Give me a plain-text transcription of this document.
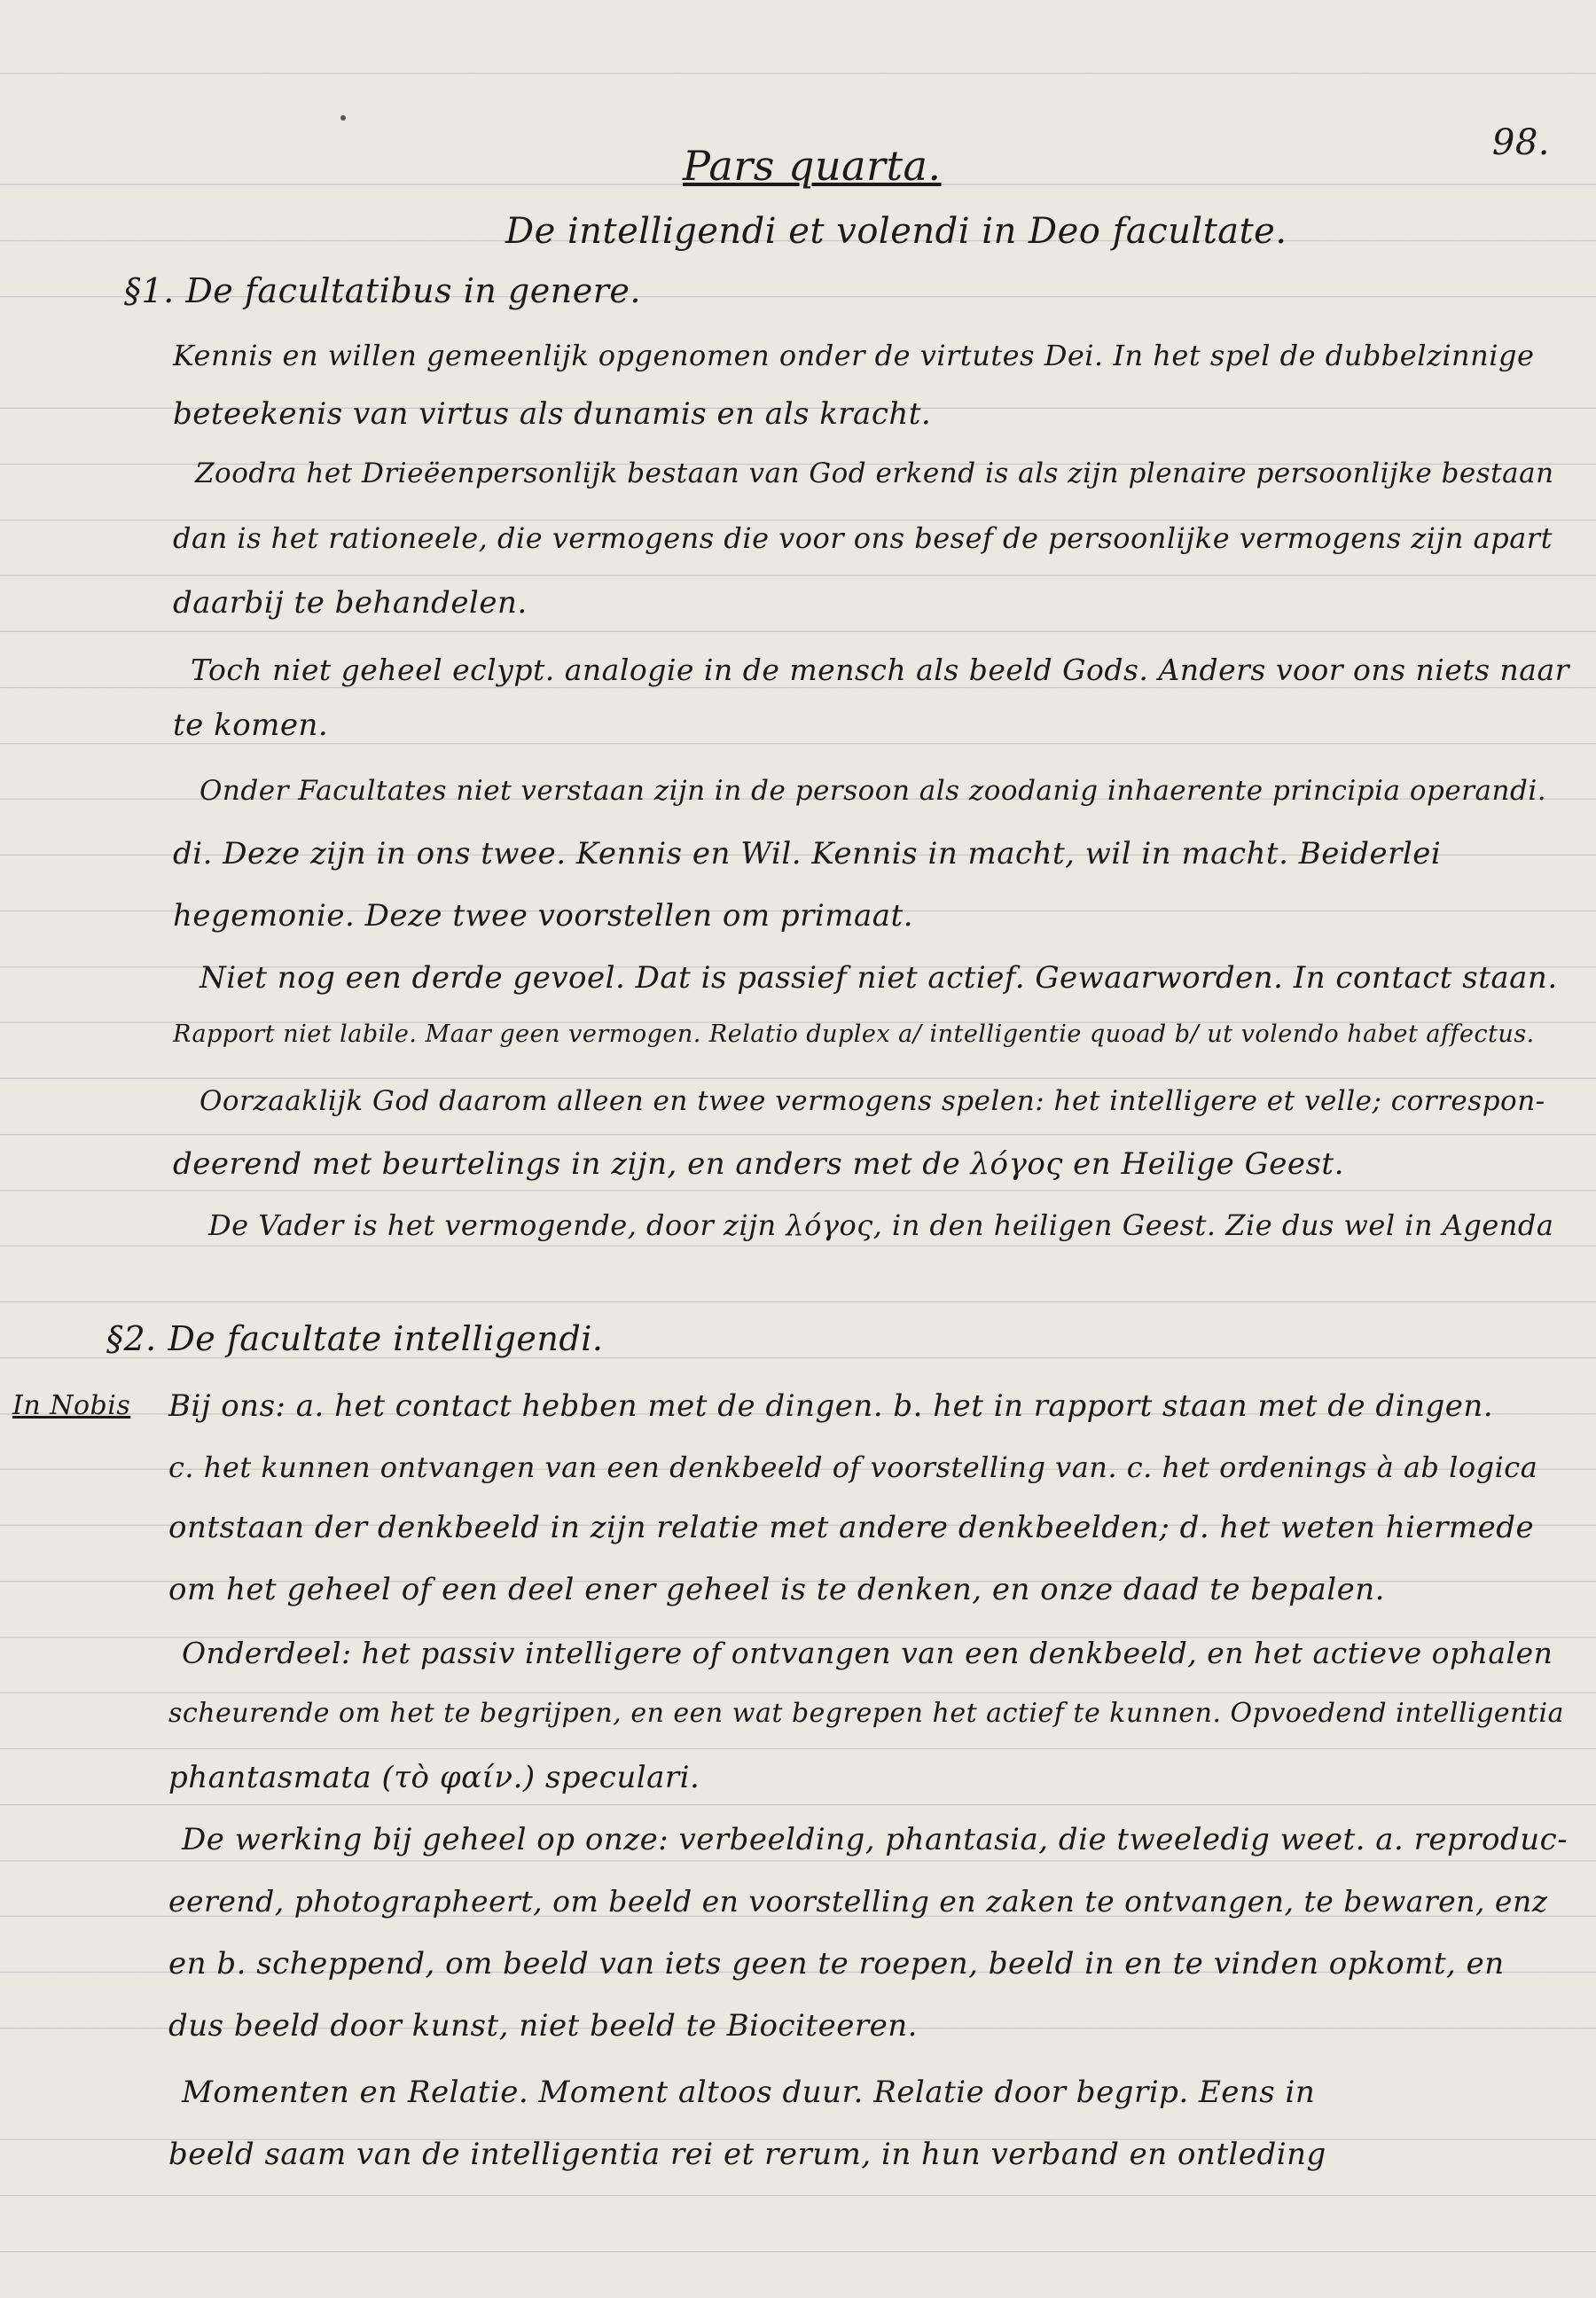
98.
Pars quarta.
De intelligendi et volendi in Deo facultate.
§1. De facultatibus in genere.
Kennis en willen gemeenlijk opgenomen onder de virtutes Dei. In het spel de dubbelzinnige
beteekenis van virtus als dunamis en als kracht.
Zoodra het Drieëenpersonlijk bestaan van God erkend is als zijn plenaire persoonlijke bestaan
dan is het rationeele, die vermogens die voor ons besef de persoonlijke vermogens zijn apart
daarbij te behandelen.
Toch niet geheel eclypt. analogie in de mensch als beeld Gods. Anders voor ons niets naar
te komen.
Onder Facultates niet verstaan zijn in de persoon als zoodanig inhaerente principia operandi.
di. Deze zijn in ons twee. Kennis en Wil. Kennis in macht, wil in macht. Beiderlei
hegemonie. Deze twee voorstellen om primaat.
Niet nog een derde gevoel. Dat is passief niet actief. Gewaarworden. In contact staan.
Rapport niet labile. Maar geen vermogen. Relatio duplex a/ intelligentie quoad b/ ut volendo habet affectus.
Oorzaaklijk God daarom alleen en twee vermogens spelen: het intelligere et velle; correspon-
deerend met beurtelings in zijn, en anders met de λόγος en Heilige Geest.
De Vader is het vermogende, door zijn λόγος, in den heiligen Geest. Zie dus wel in Agenda
§2. De facultate intelligendi.
In Nobis Bij ons: a. het contact hebben met de dingen. b. het in rapport staan met de dingen.
c. het kunnen ontvangen van een denkbeeld of voorstelling van. c. het ordenings à ab logica
ontstaan der denkbeeld in zijn relatie met andere denkbeelden; d. het weten hiermede
om het geheel of een deel ener geheel is te denken, en onze daad te bepalen.
Onderdeel: het passiv intelligere of ontvangen van een denkbeeld, en het actieve ophalen
scheurende om het te begrijpen, en een wat begrepen het actief te kunnen. Opvoedend intelligentia
phantasmata (τὸ φαίν.) speculari.
De werking bij geheel op onze: verbeelding, phantasia, die tweeledig weet. a. reproduc-
eerend, photographeert, om beeld en voorstelling en zaken te ontvangen, te bewaren, enz
en b. scheppend, om beeld van iets geen te roepen, beeld in en te vinden opkomt, en
dus beeld door kunst, niet beeld te Biociteeren.
Momenten en Relatie. Moment altoos duur. Relatie door begrip. Eens in
beeld saam van de intelligentia rei et rerum, in hun verband en ontleding
